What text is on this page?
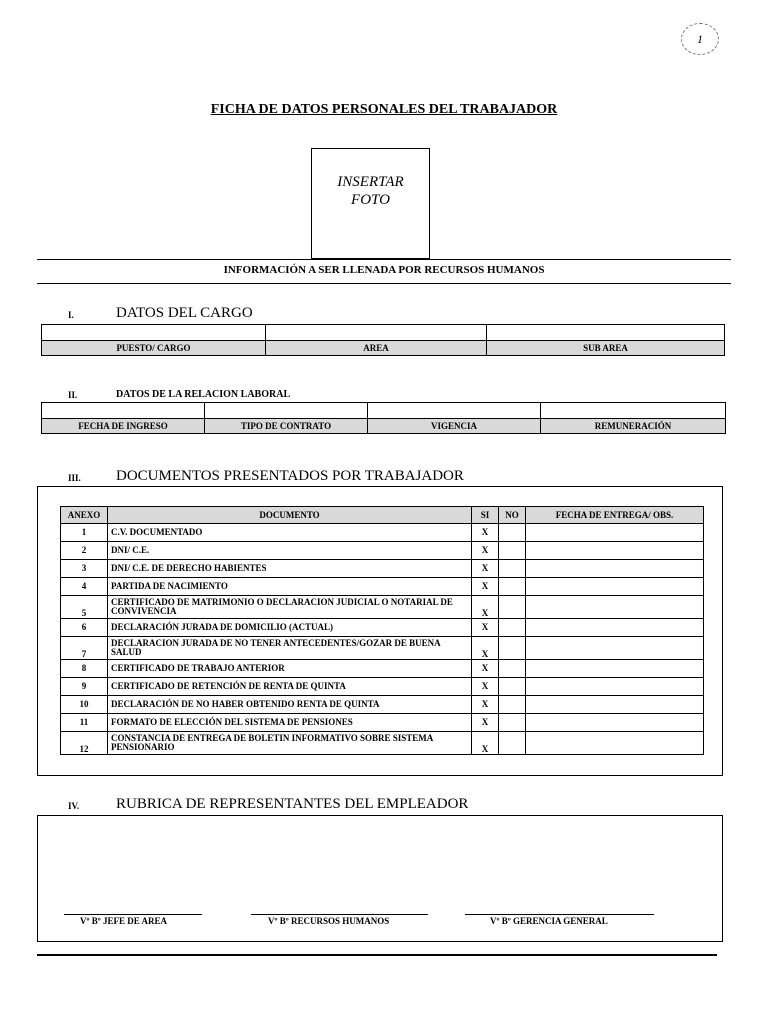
1
FICHA DE DATOS PERSONALES DEL TRABAJADOR
INSERTAR
FOTO
INFORMACIÓN A SER LLENADA POR RECURSOS HUMANOS
I.	DATOS DEL CARGO

PUESTO/ CARGO	AREA	SUB AREA
II.	DATOS DE LA RELACION LABORAL

FECHA DE INGRESO	TIPO DE CONTRATO	VIGENCIA	REMUNERACIÓN
III. DOCUMENTOS PRESENTADOS POR TRABAJADOR
ANEXO	DOCUMENTO	SI	NO	FECHA DE ENTREGA/ OBS.
1	C.V. DOCUMENTADO	X		
2	DNI/ C.E.	X		
3	DNI/ C.E. DE DERECHO HABIENTES	X		
4	PARTIDA DE NACIMIENTO	X		
5	CERTIFICADO DE MATRIMONIO O DECLARACION JUDICIAL O NOTARIAL DE CONVIVENCIA	X		
6	DECLARACIÓN JURADA DE DOMICILIO (ACTUAL)	X		
7	DECLARACION JURADA DE NO TENER ANTECEDENTES/GOZAR DE BUENA SALUD	X		
8	CERTIFICADO DE TRABAJO ANTERIOR	X		
9	CERTIFICADO DE RETENCIÓN DE RENTA DE QUINTA	X		
10	DECLARACIÓN DE NO HABER OBTENIDO RENTA DE QUINTA	X		
11	FORMATO DE ELECCIÓN DEL SISTEMA DE PENSIONES	X		
12	CONSTANCIA DE ENTREGA DE BOLETIN INFORMATIVO SOBRE SISTEMA PENSIONARIO	X		
IV. RUBRICA DE REPRESENTANTES DEL EMPLEADOR
Vº Bº JEFE DE AREA	Vº Bº RECURSOS HUMANOS	Vº Bº GERENCIA GENERAL
